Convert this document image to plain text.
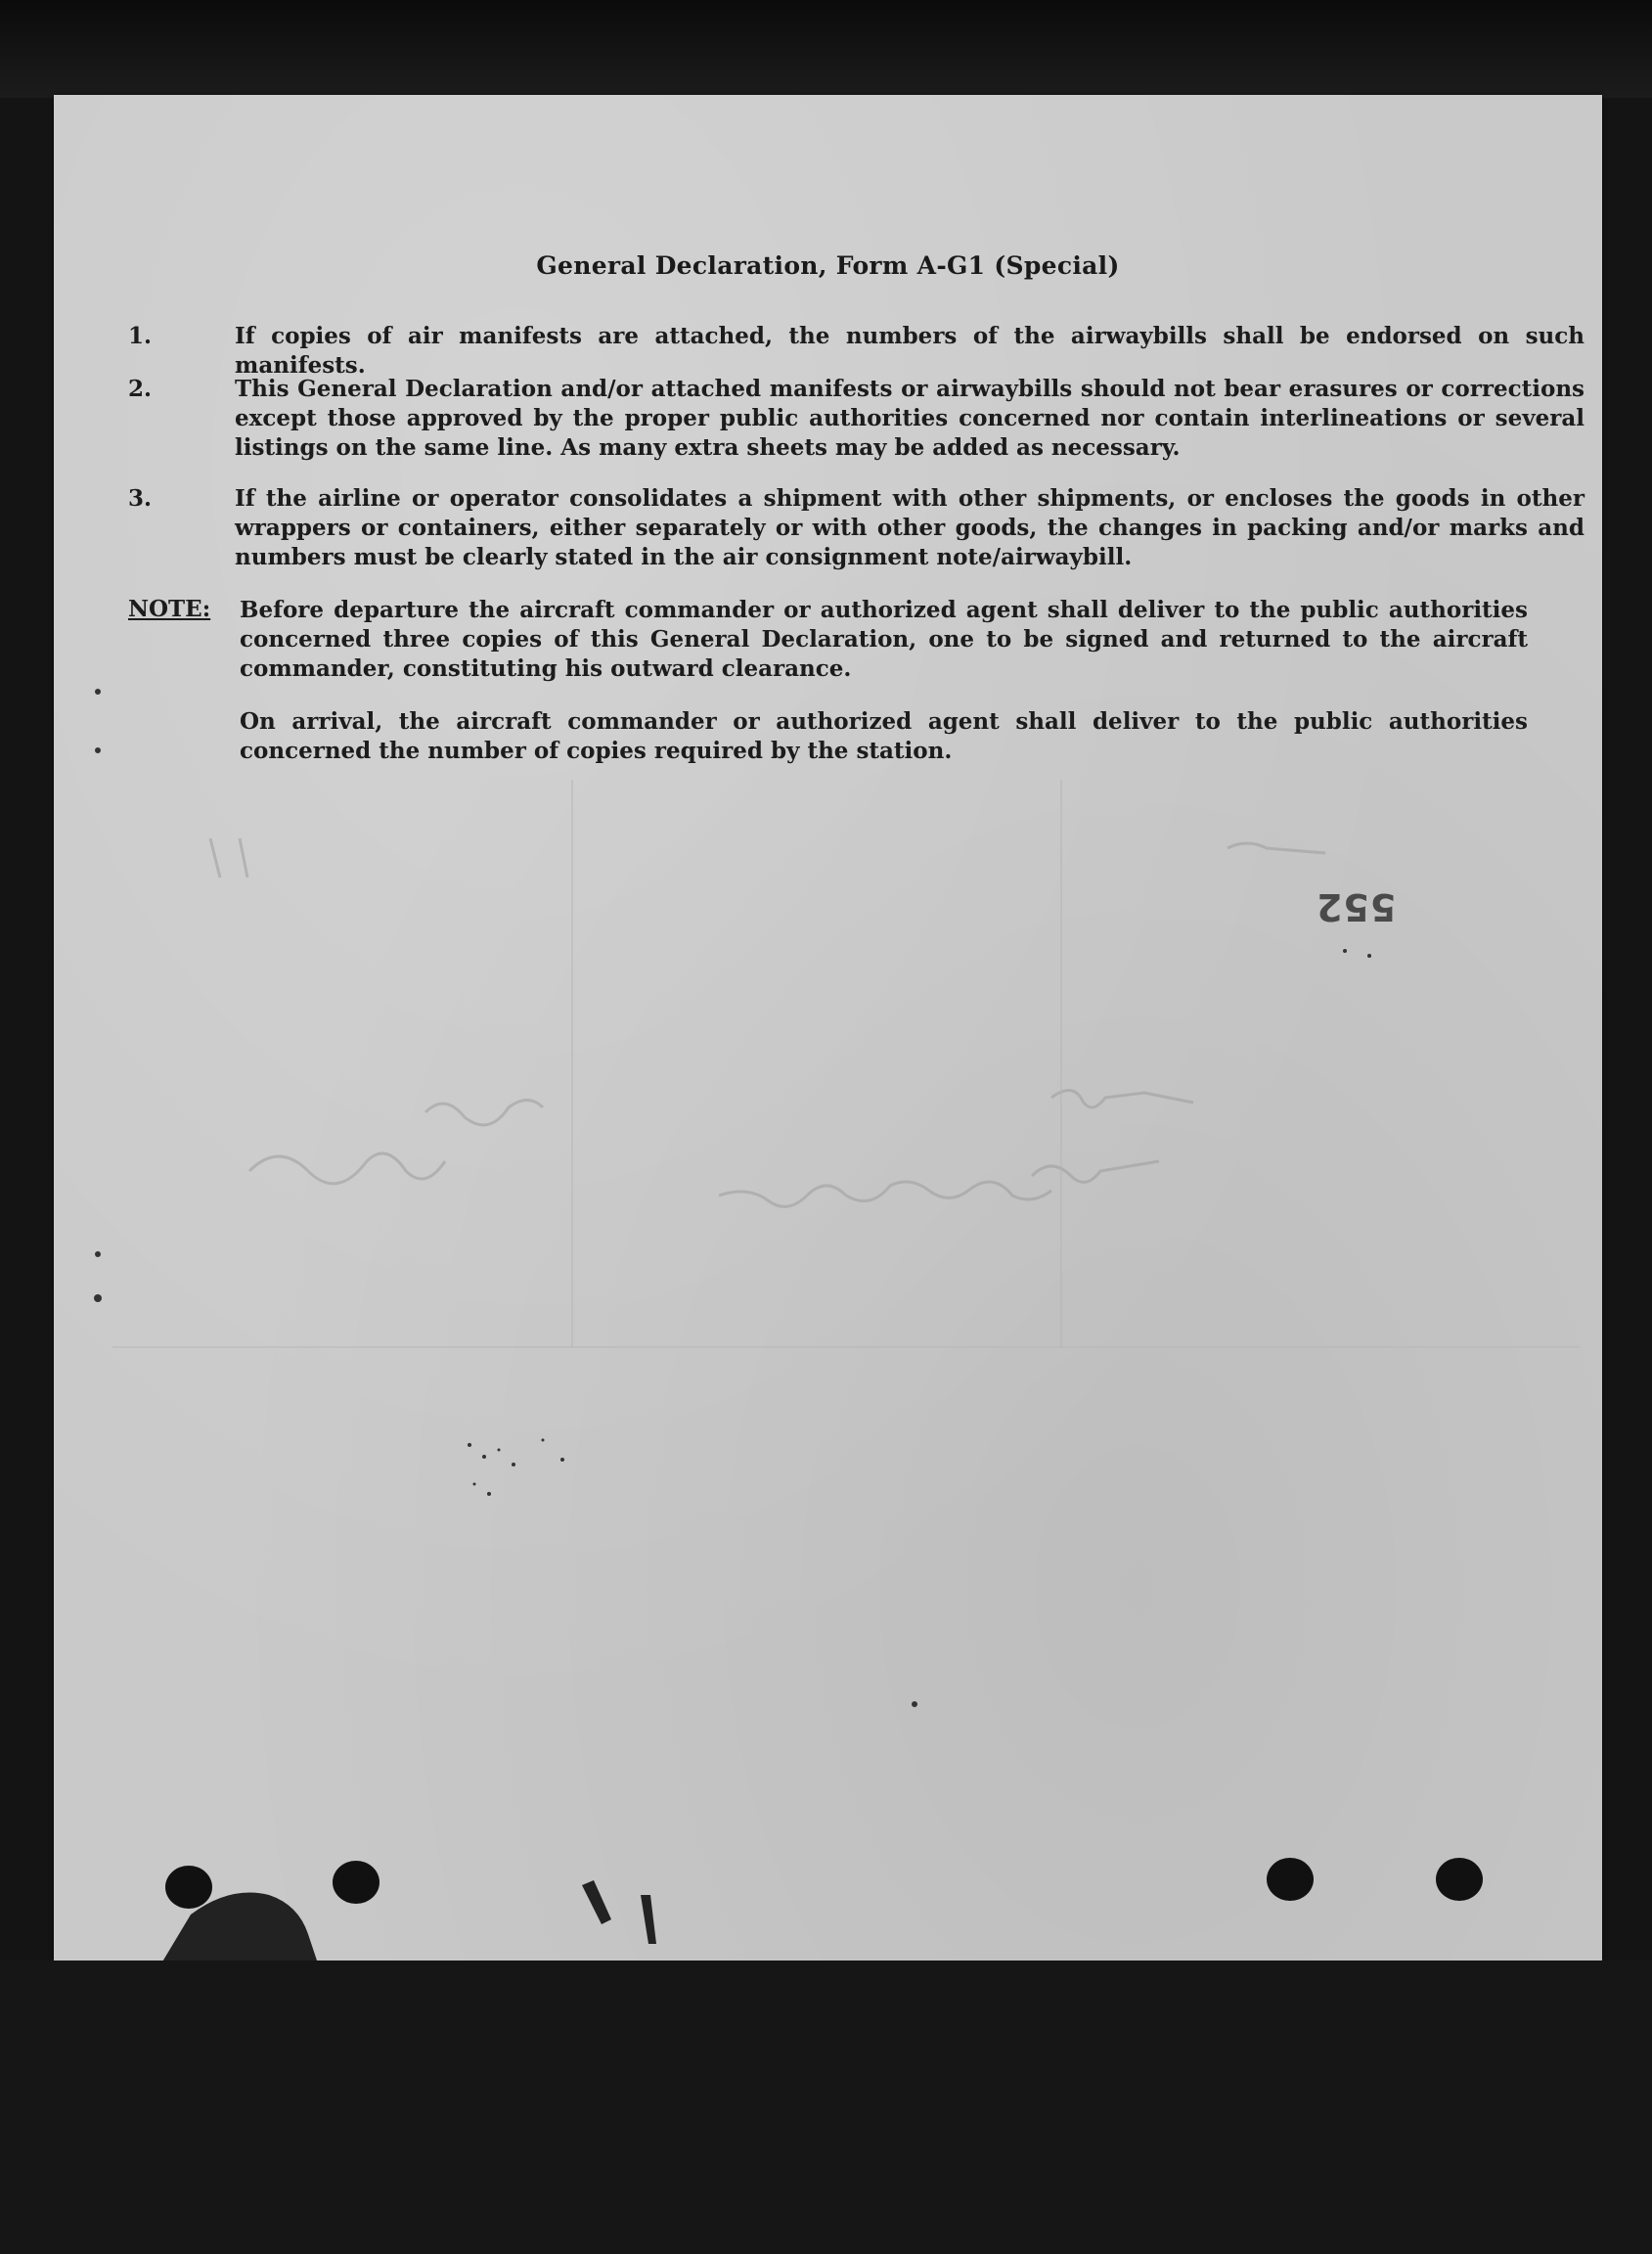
General Declaration, Form A-G1 (Special)
1.	If copies of air manifests are attached, the numbers of the airwaybills shall be endorsed on such manifests.
2.	This General Declaration and/or attached manifests or airwaybills should not bear erasures or corrections except those approved by the proper public authorities concerned nor contain interlineations or several listings on the same line. As many extra sheets may be added as necessary.
3.	If the airline or operator consolidates a shipment with other shipments, or encloses the goods in other wrappers or containers, either separately or with other goods, the changes in packing and/or marks and numbers must be clearly stated in the air consignment note/airwaybill.
NOTE: Before departure the aircraft commander or authorized agent shall deliver to the public authorities concerned three copies of this General Declaration, one to be signed and returned to the aircraft commander, constituting his outward clearance.
On arrival, the aircraft commander or authorized agent shall deliver to the public authorities concerned the number of copies required by the station.
552
